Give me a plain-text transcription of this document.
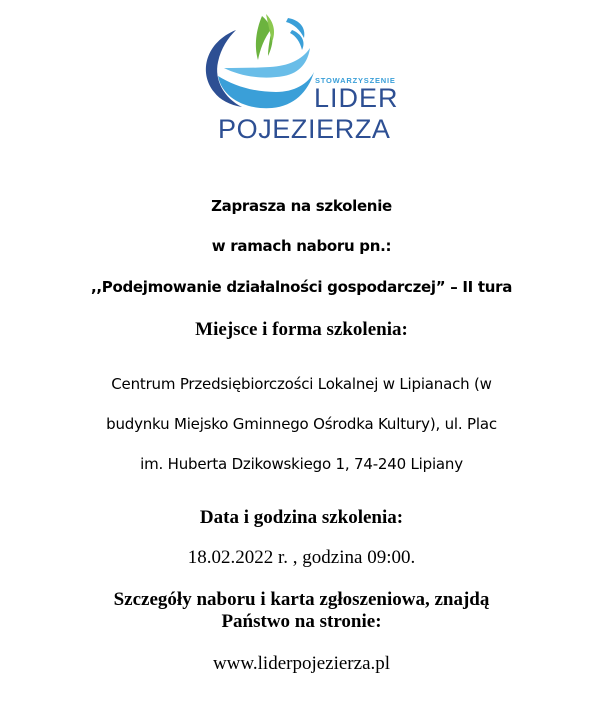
STOWARZYSZENIE
LIDER
POJEZIERZA
Zaprasza na szkolenie
w ramach naboru pn.:
,,Podejmowanie działalności gospodarczej” – II tura
Miejsce i forma szkolenia:
Centrum Przedsiębiorczości Lokalnej w Lipianach (w
budynku Miejsko Gminnego Ośrodka Kultury), ul. Plac
im. Huberta Dzikowskiego 1, 74-240 Lipiany
Data i godzina szkolenia:
18.02.2022 r. , godzina 09:00.
Szczegóły naboru i karta zgłoszeniowa, znajdą
Państwo na stronie:
www.liderpojezierza.pl
